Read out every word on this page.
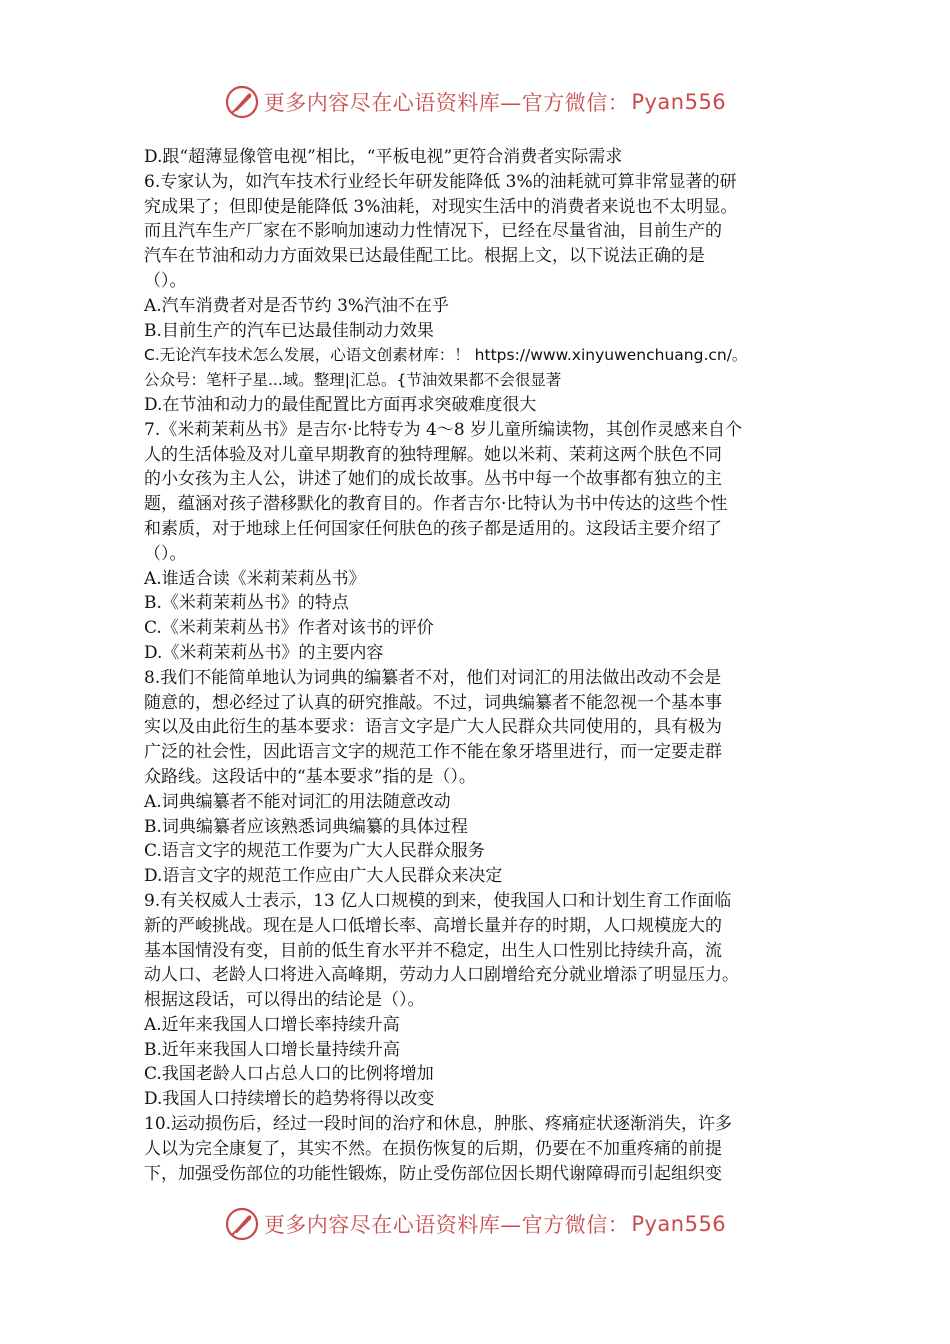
更多内容尽在心语资料库—官方微信： Pyan556
D.跟“超薄显像管电视”相比，“平板电视”更符合消费者实际需求
6.专家认为，如汽车技术行业经长年研发能降低 3%的油耗就可算非常显著的研
究成果了；但即使是能降低 3%油耗，对现实生活中的消费者来说也不太明显。
而且汽车生产厂家在不影响加速动力性情况下，已经在尽量省油，目前生产的
汽车在节油和动力方面效果已达最佳配工比。根据上文，以下说法正确的是
（）。
A.汽车消费者对是否节约 3%汽油不在乎
B.目前生产的汽车已达最佳制动力效果
C.无论汽车技术怎么发展，心语文创素材库：！ https://www.xinyuwenchuang.cn/。
公众号：笔杆子星...域。整理|汇总。{节油效果都不会很显著
D.在节油和动力的最佳配置比方面再求突破难度很大
7.《米莉茉莉丛书》是吉尔·比特专为 4～8 岁儿童所编读物，其创作灵感来自个
人的生活体验及对儿童早期教育的独特理解。她以米莉、茉莉这两个肤色不同
的小女孩为主人公，讲述了她们的成长故事。丛书中每一个故事都有独立的主
题，蕴涵对孩子潜移默化的教育目的。作者吉尔·比特认为书中传达的这些个性
和素质，对于地球上任何国家任何肤色的孩子都是适用的。这段话主要介绍了
（）。
A.谁适合读《米莉茉莉丛书》
B.《米莉茉莉丛书》的特点
C.《米莉茉莉丛书》作者对该书的评价
D.《米莉茉莉丛书》的主要内容
8.我们不能简单地认为词典的编纂者不对，他们对词汇的用法做出改动不会是
随意的，想必经过了认真的研究推敲。不过，词典编纂者不能忽视一个基本事
实以及由此衍生的基本要求：语言文字是广大人民群众共同使用的，具有极为
广泛的社会性，因此语言文字的规范工作不能在象牙塔里进行，而一定要走群
众路线。这段话中的“基本要求”指的是（）。
A.词典编纂者不能对词汇的用法随意改动
B.词典编纂者应该熟悉词典编纂的具体过程
C.语言文字的规范工作要为广大人民群众服务
D.语言文字的规范工作应由广大人民群众来决定
9.有关权威人士表示，13 亿人口规模的到来，使我国人口和计划生育工作面临
新的严峻挑战。现在是人口低增长率、高增长量并存的时期，人口规模庞大的
基本国情没有变，目前的低生育水平并不稳定，出生人口性别比持续升高，流
动人口、老龄人口将进入高峰期，劳动力人口剧增给充分就业增添了明显压力。
根据这段话，可以得出的结论是（）。
A.近年来我国人口增长率持续升高
B.近年来我国人口增长量持续升高
C.我国老龄人口占总人口的比例将增加
D.我国人口持续增长的趋势将得以改变
10.运动损伤后，经过一段时间的治疗和休息，肿胀、疼痛症状逐渐消失，许多
人以为完全康复了，其实不然。在损伤恢复的后期，仍要在不加重疼痛的前提
下，加强受伤部位的功能性锻炼，防止受伤部位因长期代谢障碍而引起组织变
更多内容尽在心语资料库—官方微信： Pyan556
